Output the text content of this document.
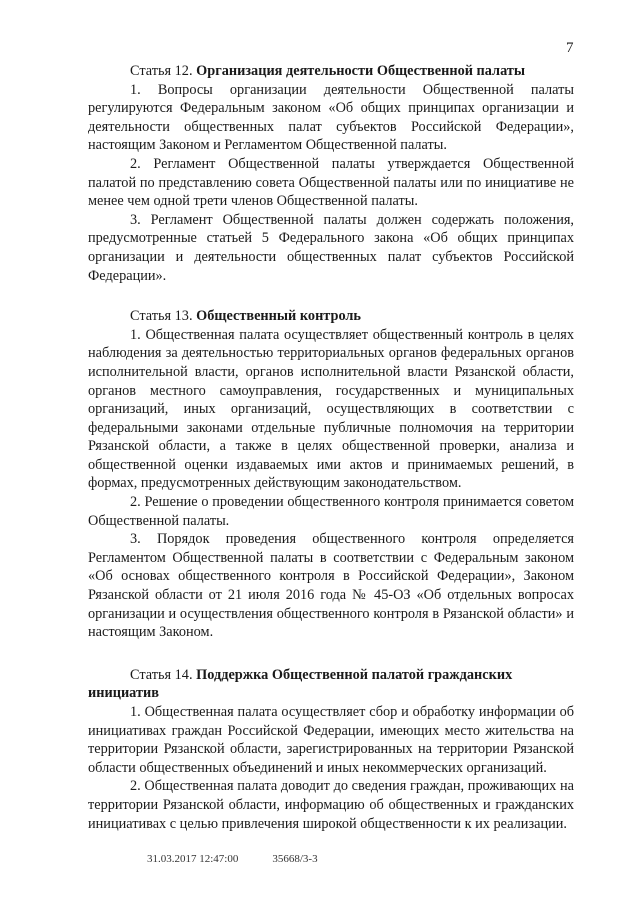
7
Статья 12. Организация деятельности Общественной палаты

1. Вопросы организации деятельности Общественной палаты регулируются Федеральным законом «Об общих принципах организации и деятельности общественных палат субъектов Российской Федерации», настоящим Законом и Регламентом Общественной палаты.

2. Регламент Общественной палаты утверждается Общественной палатой по представлению совета Общественной палаты или по инициативе не менее чем одной трети членов Общественной палаты.

3. Регламент Общественной палаты должен содержать положения, предусмотренные статьей 5 Федерального закона «Об общих принципах организации и деятельности общественных палат субъектов Российской Федерации».

Статья 13. Общественный контроль

1. Общественная палата осуществляет общественный контроль в целях наблюдения за деятельностью территориальных органов федеральных органов исполнительной власти, органов исполнительной власти Рязанской области, органов местного самоуправления, государственных и муниципальных организаций, иных организаций, осуществляющих в соответствии с федеральными законами отдельные публичные полномочия на территории Рязанской области, а также в целях общественной проверки, анализа и общественной оценки издаваемых ими актов и принимаемых решений, в формах, предусмотренных действующим законодательством.

2. Решение о проведении общественного контроля принимается советом Общественной палаты.

3. Порядок проведения общественного контроля определяется Регламентом Общественной палаты в соответствии с Федеральным законом «Об основах общественного контроля в Российской Федерации», Законом Рязанской области от 21 июля 2016 года № 45-ОЗ «Об отдельных вопросах организации и осуществления общественного контроля в Рязанской области» и настоящим Законом.

Статья 14. Поддержка Общественной палатой гражданских инициатив

1. Общественная палата осуществляет сбор и обработку информации об инициативах граждан Российской Федерации, имеющих место жительства на территории Рязанской области, зарегистрированных на территории Рязанской области общественных объединений и иных некоммерческих организаций.

2. Общественная палата доводит до сведения граждан, проживающих на территории Рязанской области, информацию об общественных и гражданских инициативах с целью привлечения широкой общественности к их реализации.

31.03.2017 12:47:00	35668/3-3
